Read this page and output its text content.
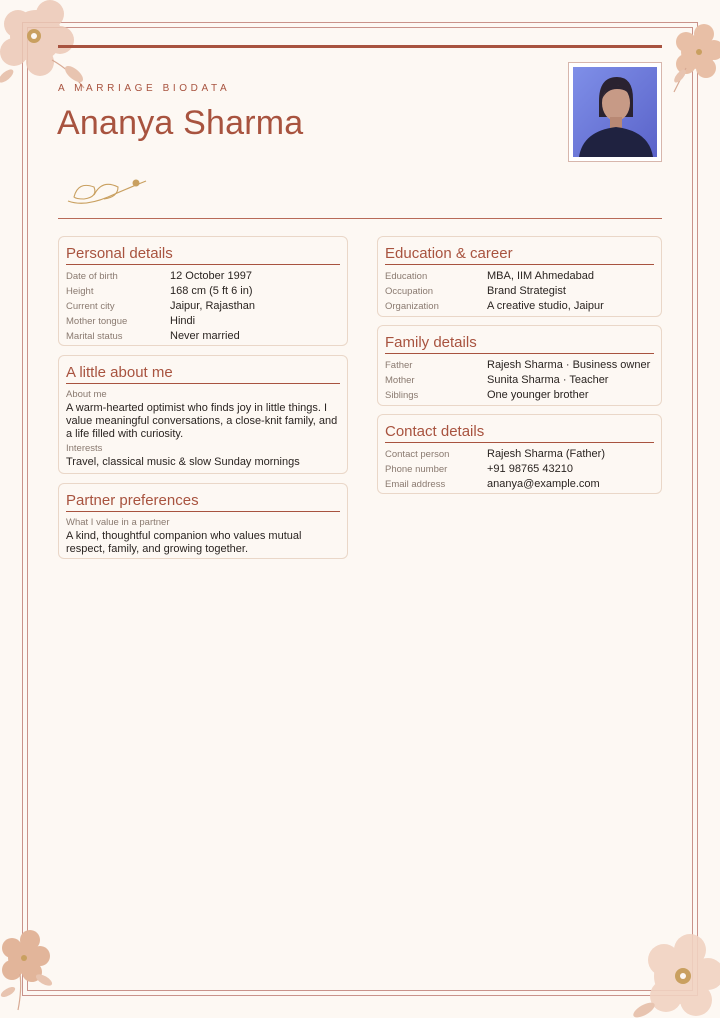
A MARRIAGE BIODATA
Ananya Sharma
Personal details
Date of birth	12 October 1997
Height	168 cm (5 ft 6 in)
Current city	Jaipur, Rajasthan
Mother tongue	Hindi
Marital status	Never married
A little about me
About me

A warm-hearted optimist who finds joy in little things. I value meaningful conversations, a close-knit family, and a life filled with curiosity.

Interests

Travel, classical music & slow Sunday mornings

Partner preferences
What I value in a partner

A kind, thoughtful companion who values mutual respect, family, and growing together.

Education & career
Education	MBA, IIM Ahmedabad
Occupation	Brand Strategist
Organization	A creative studio, Jaipur
Family details
Father	Rajesh Sharma · Business owner
Mother	Sunita Sharma · Teacher
Siblings	One younger brother
Contact details
Contact person	Rajesh Sharma (Father)
Phone number	+91 98765 43210
Email address	ananya@example.com
